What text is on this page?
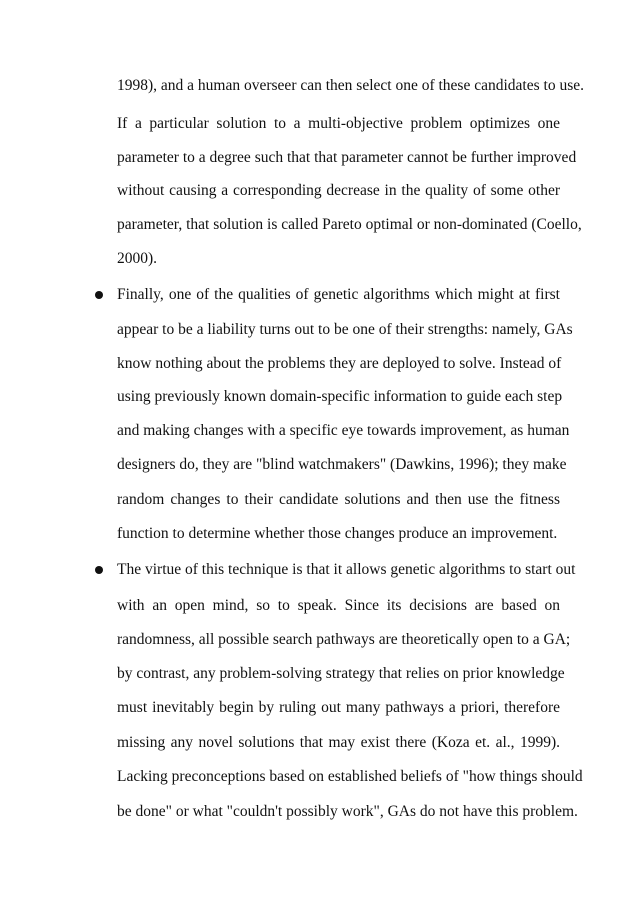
1998), and a human overseer can then select one of these candidates to use.
If a particular solution to a multi-objective problem optimizes one
parameter to a degree such that that parameter cannot be further improved
without causing a corresponding decrease in the quality of some other
parameter, that solution is called Pareto optimal or non-dominated (Coello,
2000).
Finally, one of the qualities of genetic algorithms which might at first
appear to be a liability turns out to be one of their strengths: namely, GAs
know nothing about the problems they are deployed to solve. Instead of
using previously known domain-specific information to guide each step
and making changes with a specific eye towards improvement, as human
designers do, they are "blind watchmakers" (Dawkins, 1996); they make
random changes to their candidate solutions and then use the fitness
function to determine whether those changes produce an improvement.
The virtue of this technique is that it allows genetic algorithms to start out
with an open mind, so to speak. Since its decisions are based on
randomness, all possible search pathways are theoretically open to a GA;
by contrast, any problem-solving strategy that relies on prior knowledge
must inevitably begin by ruling out many pathways a priori, therefore
missing any novel solutions that may exist there (Koza et. al., 1999).
Lacking preconceptions based on established beliefs of "how things should
be done" or what "couldn't possibly work", GAs do not have this problem.
